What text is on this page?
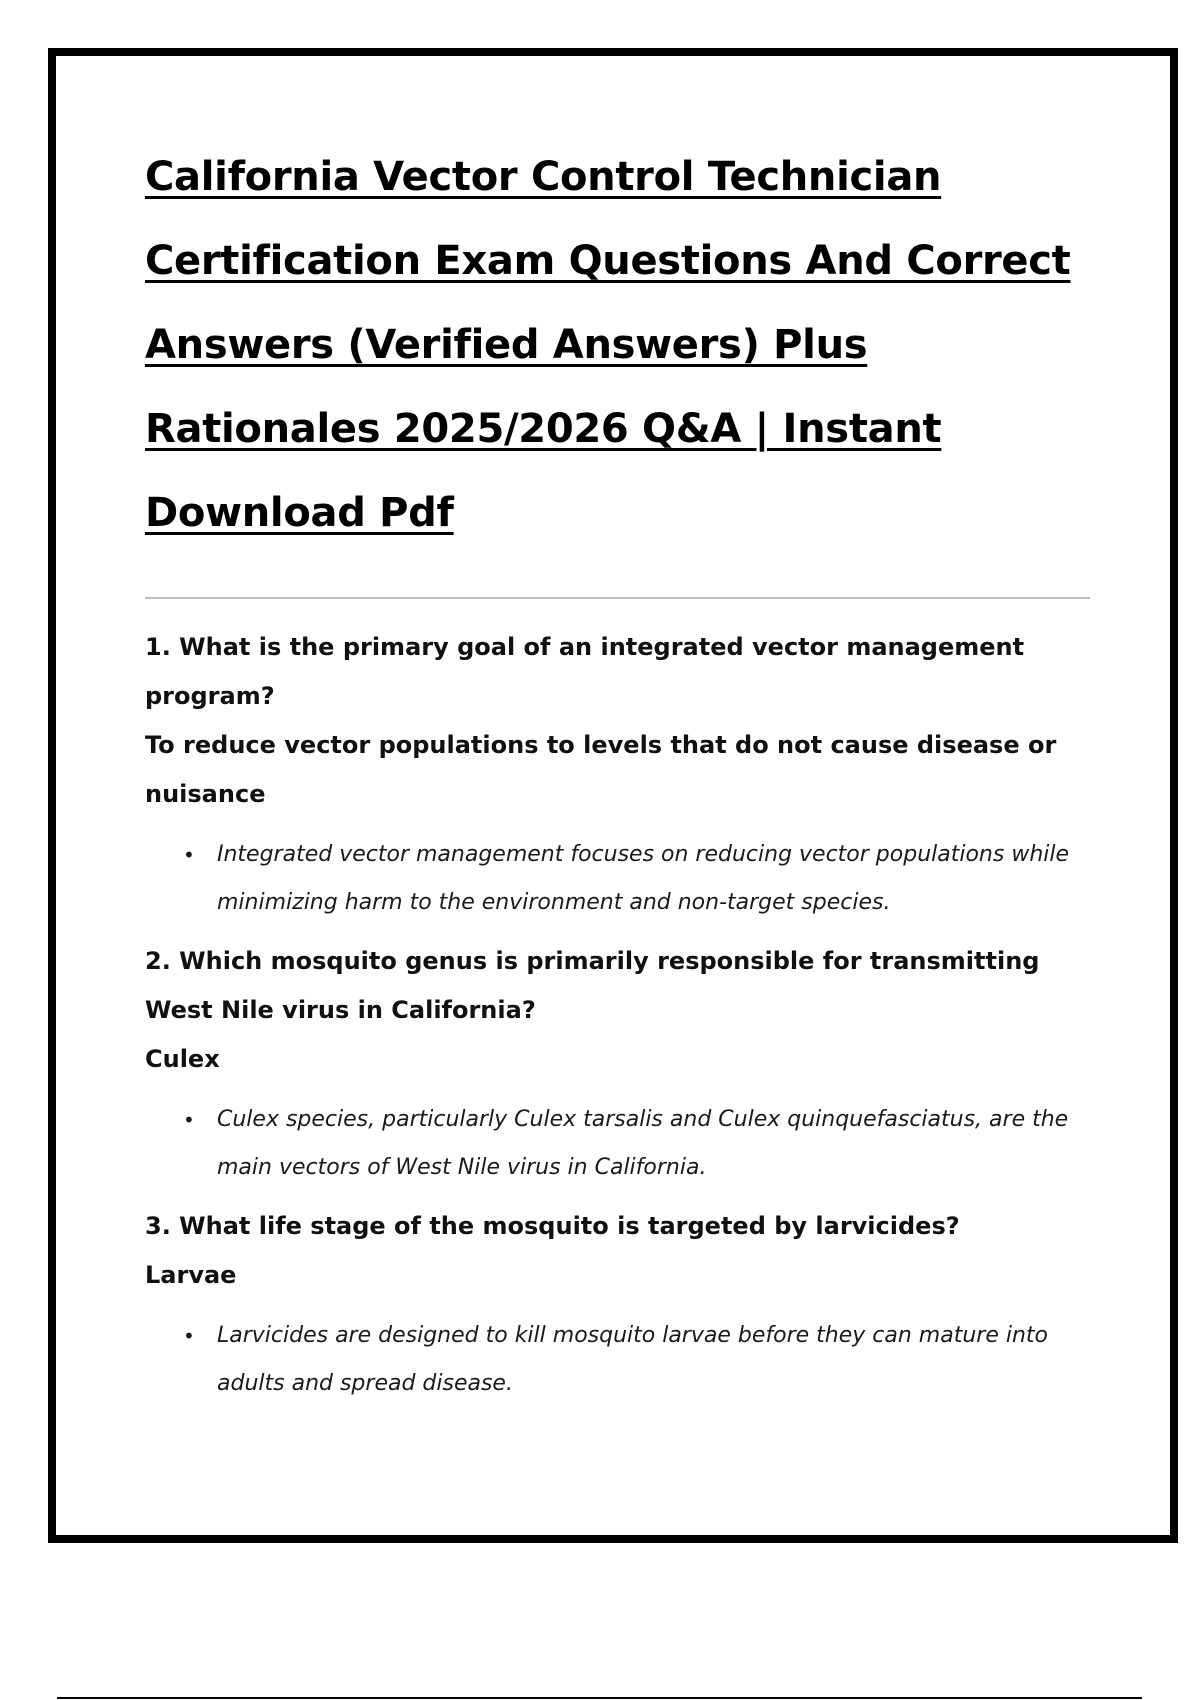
California Vector Control Technician Certification Exam Questions And Correct Answers (Verified Answers) Plus Rationales 2025/2026 Q&A | Instant Download Pdf

1. What is the primary goal of an integrated vector management program?

To reduce vector populations to levels that do not cause disease or nuisance

• Integrated vector management focuses on reducing vector populations while minimizing harm to the environment and non-target species.

2. Which mosquito genus is primarily responsible for transmitting West Nile virus in California?

Culex

• Culex species, particularly Culex tarsalis and Culex quinquefasciatus, are the main vectors of West Nile virus in California.

3. What life stage of the mosquito is targeted by larvicides?

Larvae

• Larvicides are designed to kill mosquito larvae before they can mature into adults and spread disease.
